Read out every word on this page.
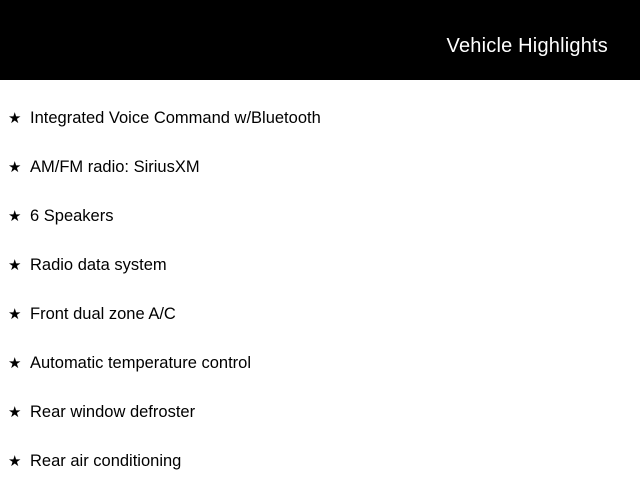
Vehicle Highlights
★ Integrated Voice Command w/Bluetooth
★ AM/FM radio: SiriusXM
★ 6 Speakers
★ Radio data system
★ Front dual zone A/C
★ Automatic temperature control
★ Rear window defroster
★ Rear air conditioning
